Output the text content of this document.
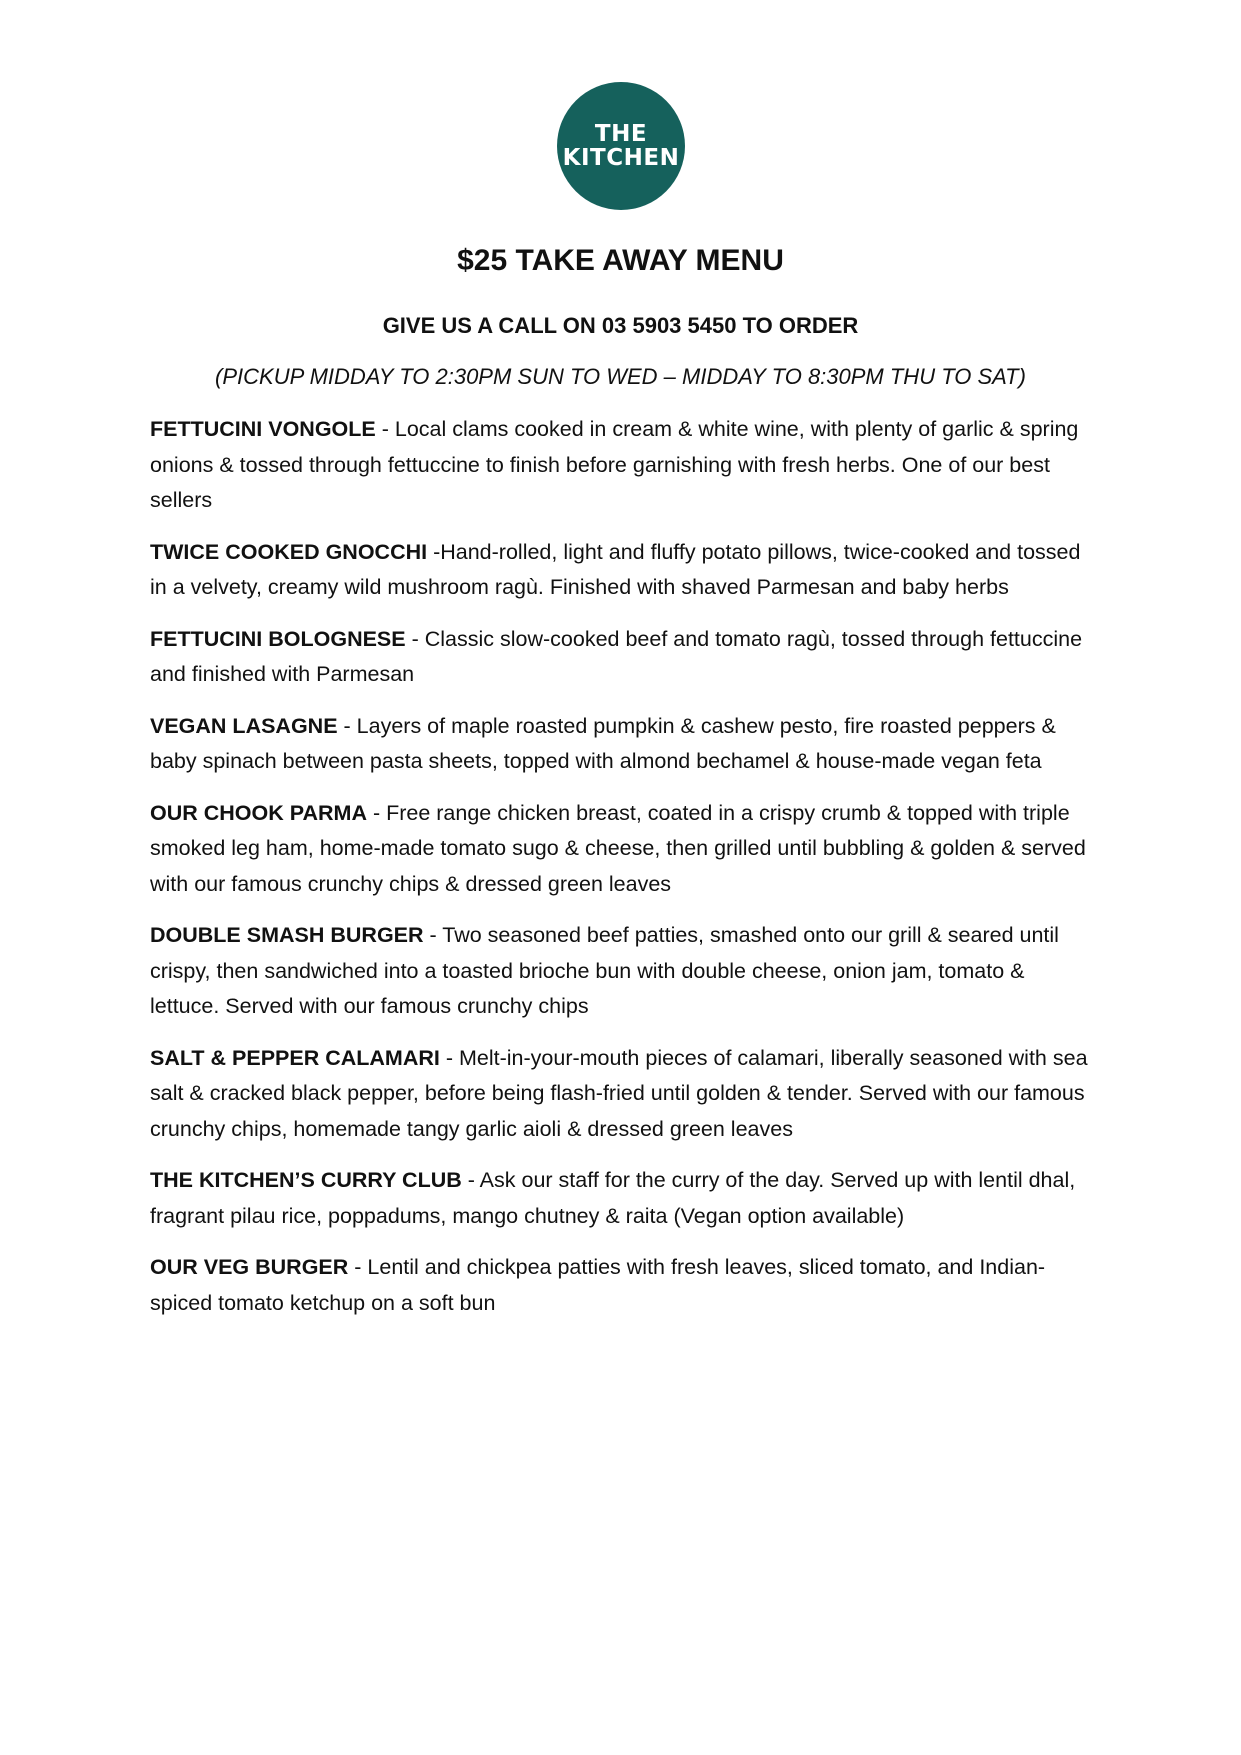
THE
KITCHEN
$25 TAKE AWAY MENU
GIVE US A CALL ON 03 5903 5450 TO ORDER
(PICKUP MIDDAY TO 2:30PM SUN TO WED – MIDDAY TO 8:30PM THU TO SAT)

FETTUCINI VONGOLE - Local clams cooked in cream & white wine, with plenty of garlic & spring onions & tossed through fettuccine to finish before garnishing with fresh herbs. One of our best sellers

TWICE COOKED GNOCCHI -Hand-rolled, light and fluffy potato pillows, twice-cooked and tossed in a velvety, creamy wild mushroom ragù. Finished with shaved Parmesan and baby herbs

FETTUCINI BOLOGNESE - Classic slow-cooked beef and tomato ragù, tossed through fettuccine and finished with Parmesan

VEGAN LASAGNE - Layers of maple roasted pumpkin & cashew pesto, fire roasted peppers & baby spinach between pasta sheets, topped with almond bechamel & house-made vegan feta

OUR CHOOK PARMA - Free range chicken breast, coated in a crispy crumb & topped with triple smoked leg ham, home-made tomato sugo & cheese, then grilled until bubbling & golden & served with our famous crunchy chips & dressed green leaves

DOUBLE SMASH BURGER - Two seasoned beef patties, smashed onto our grill & seared until crispy, then sandwiched into a toasted brioche bun with double cheese, onion jam, tomato & lettuce. Served with our famous crunchy chips

SALT & PEPPER CALAMARI - Melt-in-your-mouth pieces of calamari, liberally seasoned with sea salt & cracked black pepper, before being flash-fried until golden & tender. Served with our famous crunchy chips, homemade tangy garlic aioli & dressed green leaves

THE KITCHEN’S CURRY CLUB - Ask our staff for the curry of the day. Served up with lentil dhal, fragrant pilau rice, poppadums, mango chutney & raita (Vegan option available)

OUR VEG BURGER - Lentil and chickpea patties with fresh leaves, sliced tomato, and Indian-spiced tomato ketchup on a soft bun
